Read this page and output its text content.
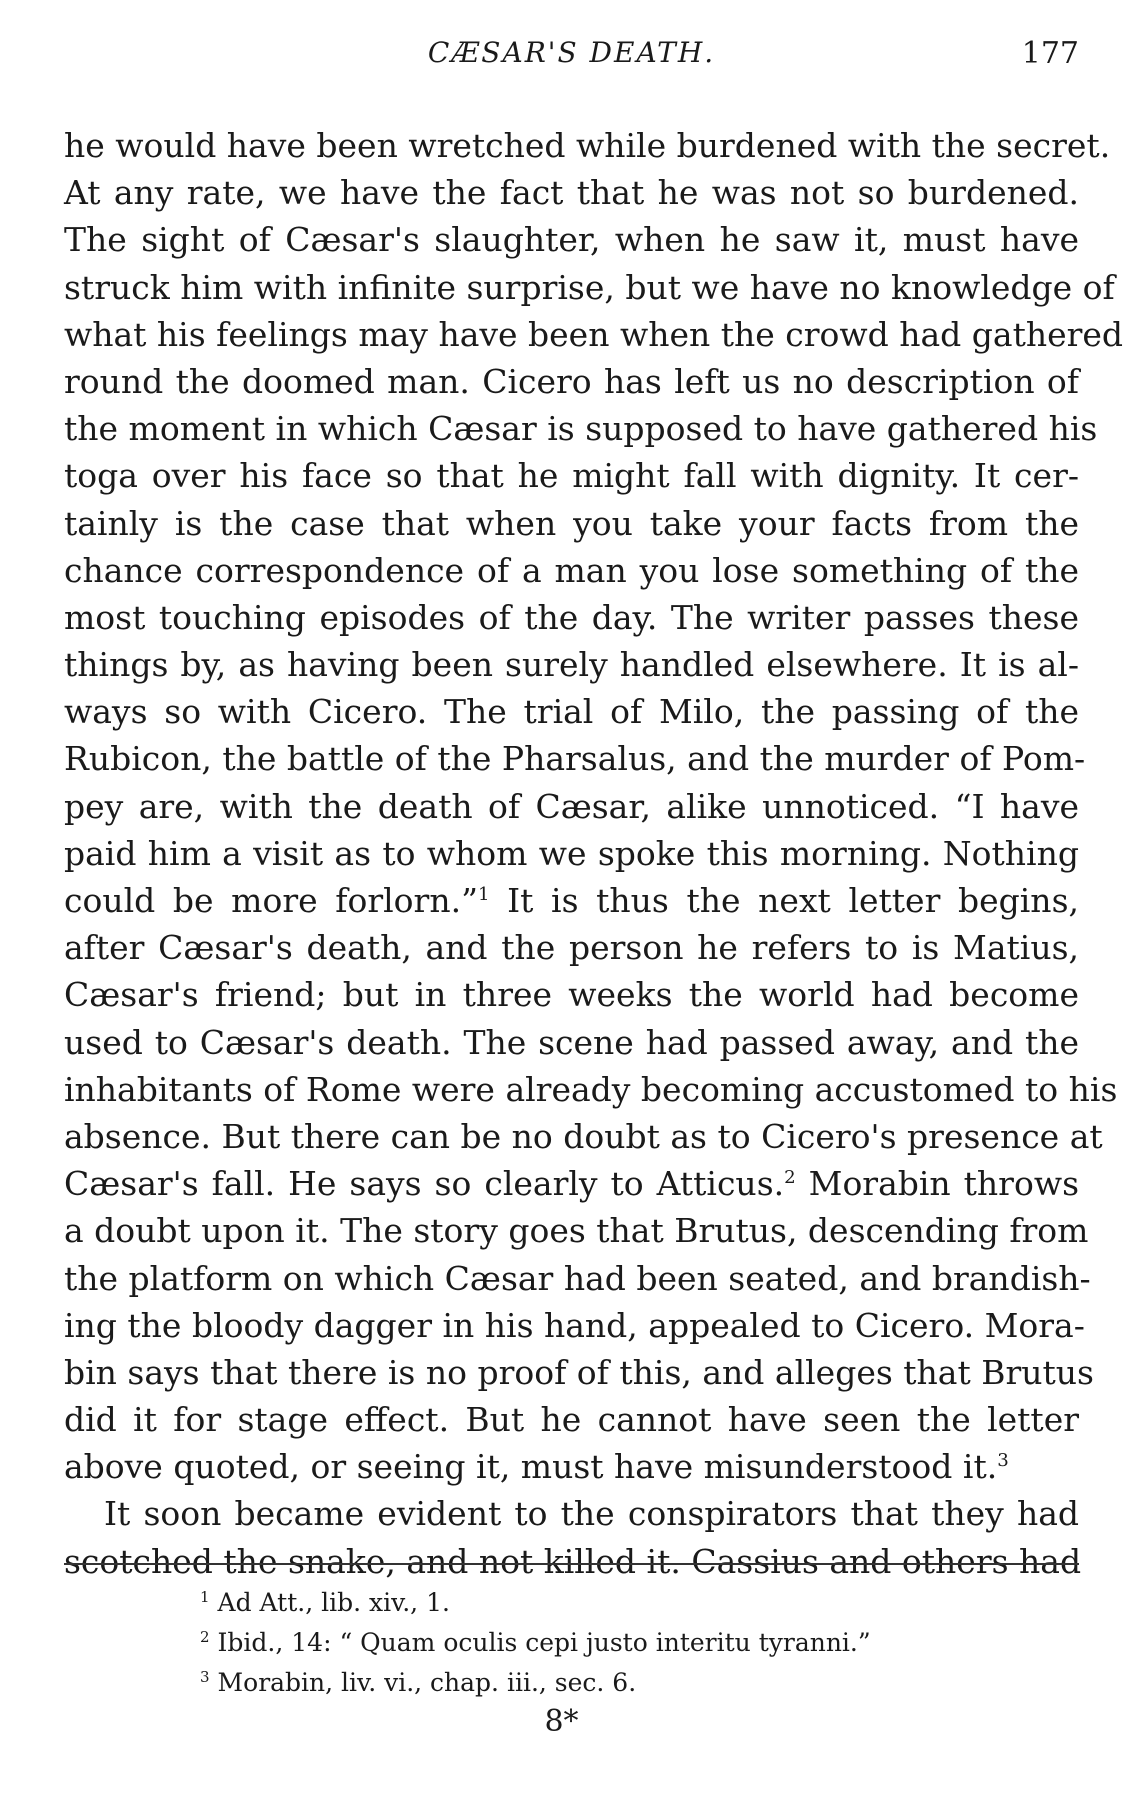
CÆSAR'S DEATH.	177
he would have been wretched while burdened with the secret.
At any rate, we have the fact that he was not so burdened.
The sight of Cæsar's slaughter, when he saw it, must have
struck him with infinite surprise, but we have no knowledge of
what his feelings may have been when the crowd had gathered
round the doomed man. Cicero has left us no description of
the moment in which Cæsar is supposed to have gathered his
toga over his face so that he might fall with dignity. It cer-
tainly is the case that when you take your facts from the
chance correspondence of a man you lose something of the
most touching episodes of the day. The writer passes these
things by, as having been surely handled elsewhere. It is al-
ways so with Cicero. The trial of Milo, the passing of the
Rubicon, the battle of the Pharsalus, and the murder of Pom-
pey are, with the death of Cæsar, alike unnoticed. “I have
paid him a visit as to whom we spoke this morning. Nothing
could be more forlorn.”$^1$ It is thus the next letter begins,
after Cæsar's death, and the person he refers to is Matius,
Cæsar's friend; but in three weeks the world had become
used to Cæsar's death. The scene had passed away, and the
inhabitants of Rome were already becoming accustomed to his
absence. But there can be no doubt as to Cicero's presence at
Cæsar's fall. He says so clearly to Atticus.$^2$ Morabin throws
a doubt upon it. The story goes that Brutus, descending from
the platform on which Cæsar had been seated, and brandish-
ing the bloody dagger in his hand, appealed to Cicero. Mora-
bin says that there is no proof of this, and alleges that Brutus
did it for stage effect. But he cannot have seen the letter
above quoted, or seeing it, must have misunderstood it.$^3$
It soon became evident to the conspirators that they had
scotched the snake, and not killed it. Cassius and others had
$^1$ Ad Att., lib. xiv., 1.
$^2$ Ibid., 14: “ Quam oculis cepi justo interitu tyranni.”
$^3$ Morabin, liv. vi., chap. iii., sec. 6.
8*
